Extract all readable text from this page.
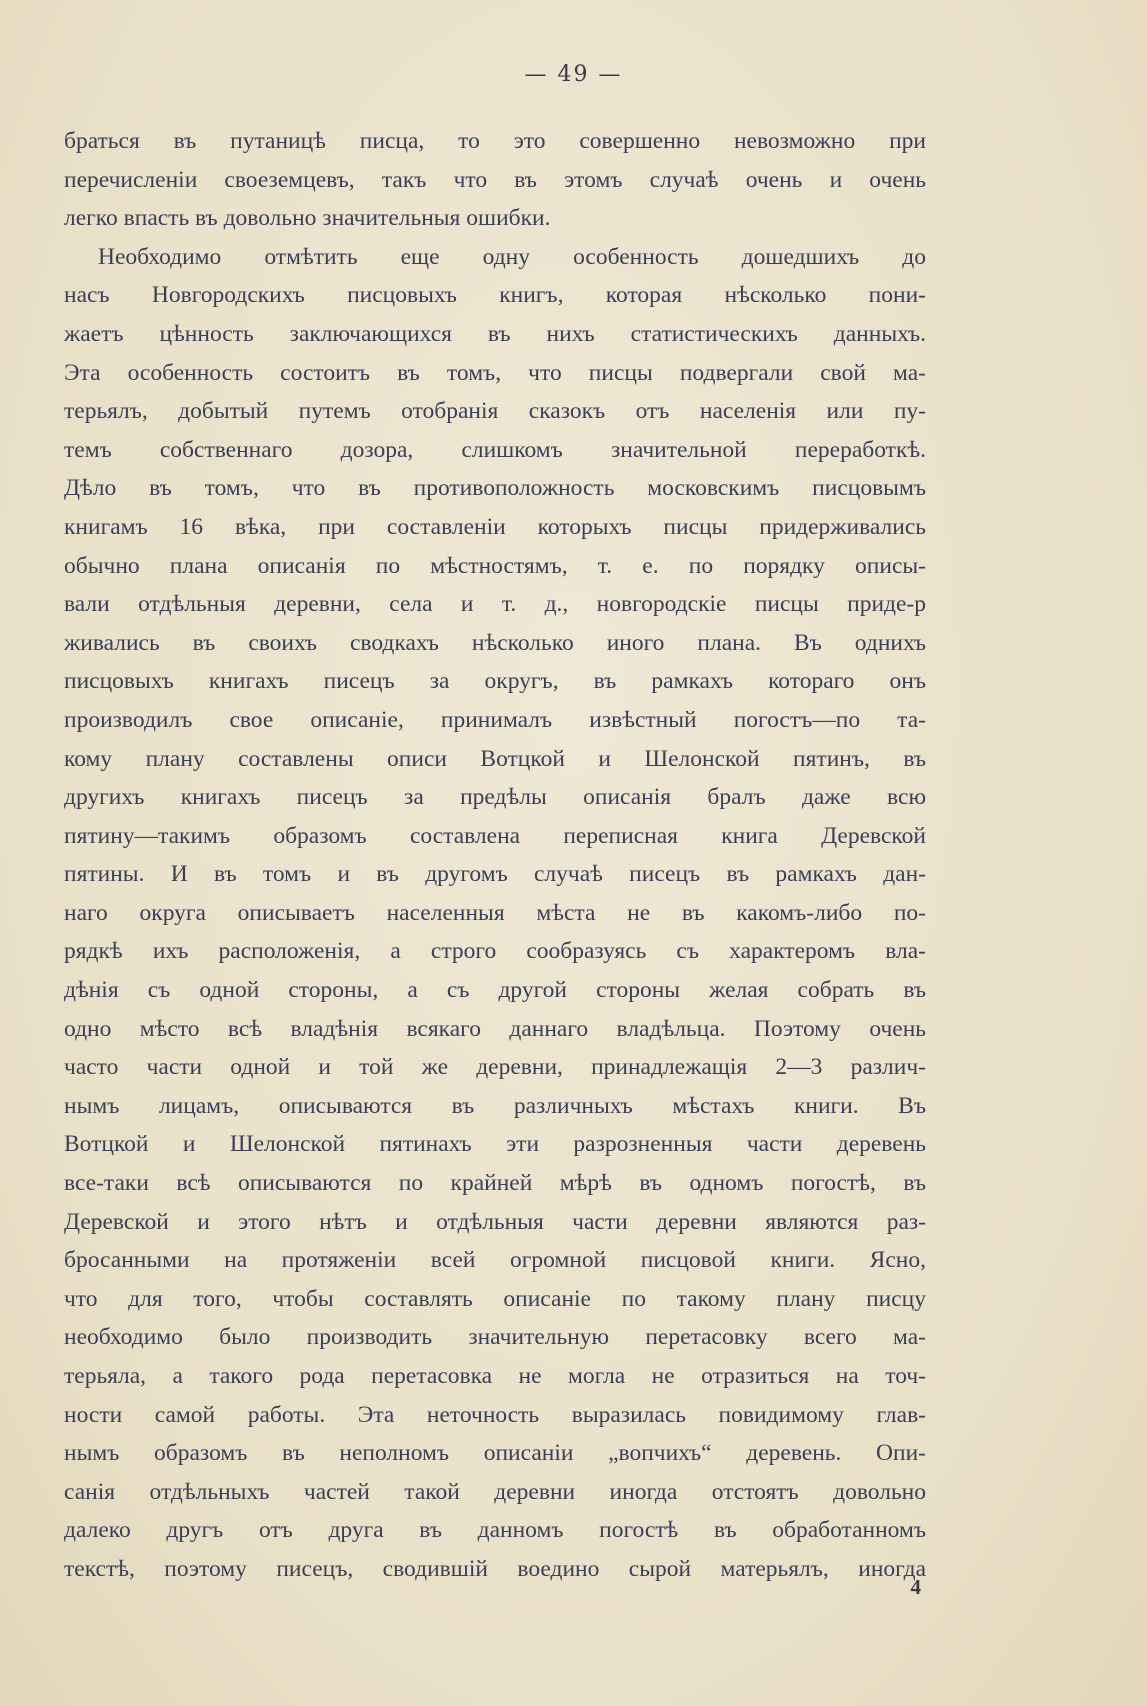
— 49 —
браться въ путаницѣ писца, то это совершенно невозможно при
перечисленіи своеземцевъ, такъ что въ этомъ случаѣ очень и очень
легко впасть въ довольно значительныя ошибки.
Необходимо отмѣтить еще одну особенность дошедшихъ до
насъ Новгородскихъ писцовыхъ книгъ, которая нѣсколько пони-
жаетъ цѣнность заключающихся въ нихъ статистическихъ данныхъ.
Эта особенность состоитъ въ томъ, что писцы подвергали свой ма-
терьялъ, добытый путемъ отобранія сказокъ отъ населенія или пу-
темъ собственнаго дозора, слишкомъ значительной переработкѣ.
Дѣло въ томъ, что въ противоположность московскимъ писцовымъ
книгамъ 16 вѣка, при составленіи которыхъ писцы придерживались
обычно плана описанія по мѣстностямъ, т. е. по порядку описы-
вали отдѣльныя деревни, села и т. д., новгородскіе писцы приде-р
живались въ своихъ сводкахъ нѣсколько иного плана. Въ однихъ
писцовыхъ книгахъ писецъ за округъ, въ рамкахъ котораго онъ
производилъ свое описаніе, принималъ извѣстный погостъ—по та-
кому плану составлены описи Вотцкой и Шелонской пятинъ, въ
другихъ книгахъ писецъ за предѣлы описанія бралъ даже всю
пятину—такимъ образомъ составлена переписная книга Деревской
пятины. И въ томъ и въ другомъ случаѣ писецъ въ рамкахъ дан-
наго округа описываетъ населенныя мѣста не въ какомъ-либо по-
рядкѣ ихъ расположенія, а строго сообразуясь съ характеромъ вла-
дѣнія съ одной стороны, а съ другой стороны желая собрать въ
одно мѣсто всѣ владѣнія всякаго даннаго владѣльца. Поэтому очень
часто части одной и той же деревни, принадлежащія 2—3 различ-
нымъ лицамъ, описываются въ различныхъ мѣстахъ книги. Въ
Вотцкой и Шелонской пятинахъ эти разрозненныя части деревень
все-таки всѣ описываются по крайней мѣрѣ въ одномъ погостѣ, въ
Деревской и этого нѣтъ и отдѣльныя части деревни являются раз-
бросанными на протяженіи всей огромной писцовой книги. Ясно,
что для того, чтобы составлять описаніе по такому плану писцу
необходимо было производить значительную перетасовку всего ма-
терьяла, а такого рода перетасовка не могла не отразиться на точ-
ности самой работы. Эта неточность выразилась повидимому глав-
нымъ образомъ въ неполномъ описаніи „вопчихъ“ деревень. Опи-
санія отдѣльныхъ частей такой деревни иногда отстоятъ довольно
далеко другъ отъ друга въ данномъ погостѣ въ обработанномъ
текстѣ, поэтому писецъ, сводившій воедино сырой матерьялъ, иногда
4
